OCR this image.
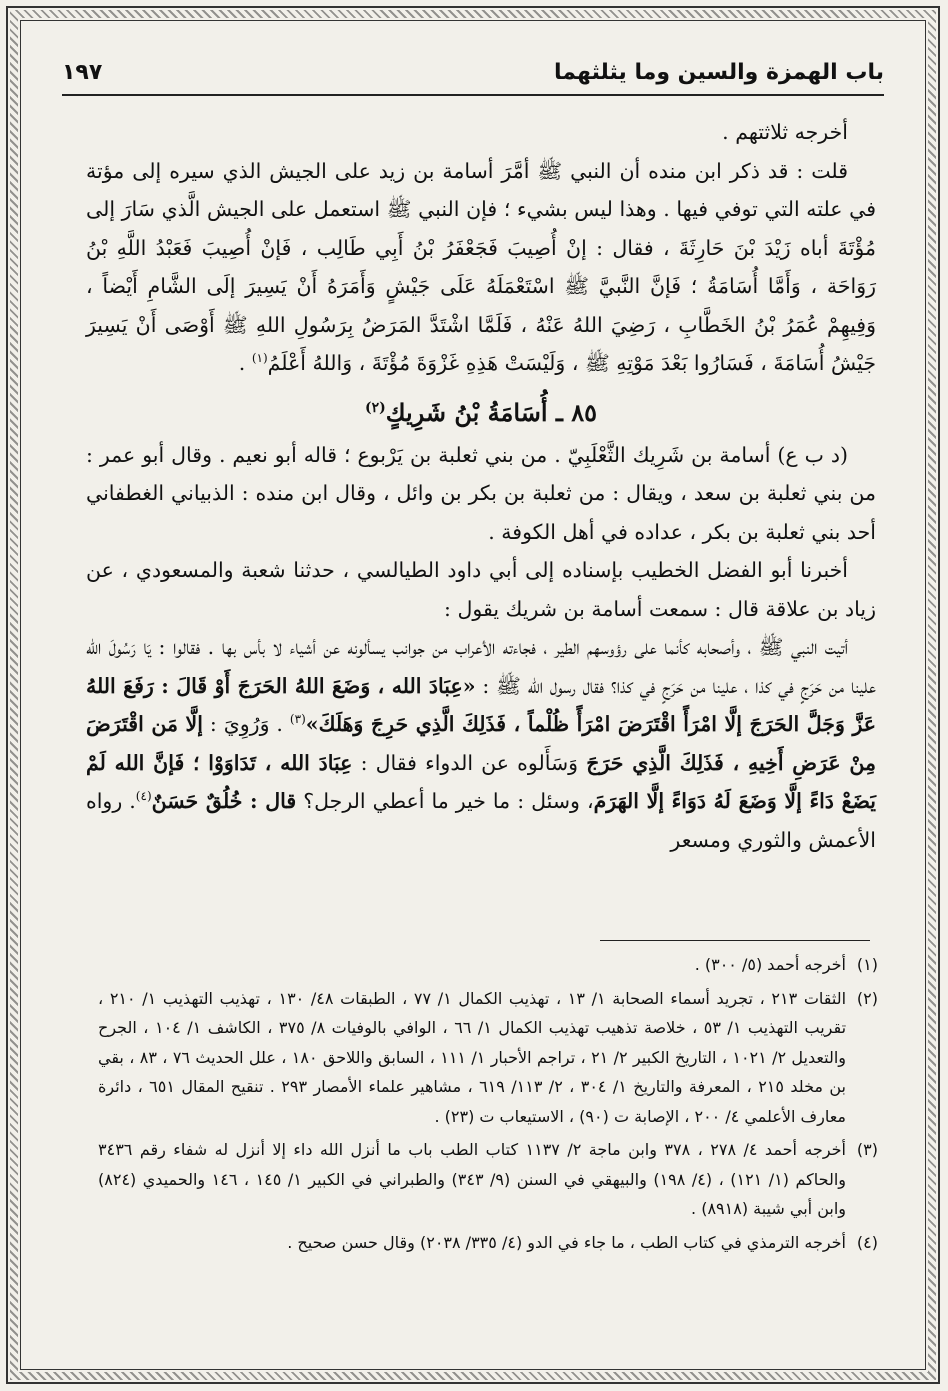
باب الهمزة والسين وما يثلثهما
١٩٧

أخرجه ثلاثتهم .

قلت : قد ذكر ابن منده أن النبي ﷺ أمَّرَ أسامة بن زيد على الجيش الذي سيره إلى مؤتة في علته التي توفي فيها . وهذا ليس بشيء ؛ فإن النبي ﷺ استعمل على الجيش الَّذي سَارَ إلى مُؤْتَةَ أباه زَيْدَ بْنَ حَارِثَةَ ، فقال : إنْ أُصِيبَ فَجَعْفَرُ بْنُ أَبِي طَالِب ، فَإنْ أُصِيبَ فَعَبْدُ اللَّهِ بْنُ رَوَاحَة ، وَأَمَّا أُسَامَةُ ؛ فَإنَّ النَّبيَّ ﷺ اسْتَعْمَلَهُ عَلَى جَيْشٍ وَأَمَرَهُ أَنْ يَسِيرَ إلَى الشَّامِ أَيْضاً ، وَفِيهِمْ عُمَرُ بْنُ الخَطَّابِ ، رَضِيَ اللهُ عَنْهُ ، فَلَمَّا اشْتَدَّ المَرَضُ بِرَسُولِ اللهِ ﷺ أَوْصَى أَنْ يَسِيرَ جَيْشُ أُسَامَةَ ، فَسَارُوا بَعْدَ مَوْتِهِ ﷺ ، وَلَيْسَتْ هَذِهِ غَزْوَةَ مُؤْتَةَ ، وَاللهُ أَعْلَمُ$^{(١)}$ .

٨٥ ـ أُسَامَةُ بْنُ شَرِيكٍ$^{(٢)}$

(د ب ع) أسامة بن شَرِيك الثَّعْلَبِيّ . من بني ثعلبة بن يَرْبوع ؛ قاله أبو نعيم . وقال أبو عمر : من بني ثعلبة بن سعد ، ويقال : من ثعلبة بن بكر بن وائل ، وقال ابن منده : الذبياني الغطفاني أحد بني ثعلبة بن بكر ، عداده في أهل الكوفة .

أخبرنا أبو الفضل الخطيب بإسناده إلى أبي داود الطيالسي ، حدثنا شعبة والمسعودي ، عن زياد بن علاقة قال : سمعت أسامة بن شريك يقول :

أتيت النبي ﷺ ، وأصحابه كأنما على رؤوسهم الطير ، فجاءته الأعراب من جوانب يسألونه عن أشياء لا بأس بها . فقالوا : يَا رَسُولَ الله علينا من حَرَجٍ في كذا ، علينا من حَرَجٍ في كذا؟ فقال رسول الله ﷺ : «عِبَادَ الله ، وَضَعَ اللهُ الحَرَجَ أَوْ قَالَ : رَفَعَ اللهُ عَزَّ وَجَلَّ الحَرَجَ إلَّا امْرَأً اقْتَرَضَ امْرَأً ظُلْماً ، فَذَلِكَ الَّذِي حَرِجَ وَهَلَكَ»$^{(٣)}$ . وَرُوِيَ : إلَّا مَن اقْتَرَضَ مِنْ عَرَضِ أَخِيهِ ، فَذَلِكَ الَّذِي حَرَجَ وَسَأَلوه عن الدواء فقال : عِبَادَ الله ، تَدَاوَوْا ؛ فَإنَّ الله لَمْ يَضَعْ دَاءً إلَّا وَضَعَ لَهُ دَوَاءً إلَّا الهَرَمَ، وسئل : ما خير ما أعطي الرجل؟ قال : خُلُقٌ حَسَنٌ$^{(٤)}$. رواه الأعمش والثوري ومسعر

(١)
أخرجه أحمد (٥/ ٣٠٠) .
(٢)
الثقات ٢١٣ ، تجريد أسماء الصحابة ١/ ١٣ ، تهذيب الكمال ١/ ٧٧ ، الطبقات ٤٨/ ١٣٠ ، تهذيب التهذيب ١/ ٢١٠ ، تقريب التهذيب ١/ ٥٣ ، خلاصة تذهيب تهذيب الكمال ١/ ٦٦ ، الوافي بالوفيات ٨/ ٣٧٥ ، الكاشف ١/ ١٠٤ ، الجرح والتعديل ٢/ ١٠٢١ ، التاريخ الكبير ٢/ ٢١ ، تراجم الأحبار ١/ ١١١ ، السابق واللاحق ١٨٠ ، علل الحديث ٧٦ ، ٨٣ ، بقي بن مخلد ٢١٥ ، المعرفة والتاريخ ١/ ٣٠٤ ، ٢/ ١١٣/ ٦١٩ ، مشاهير علماء الأمصار ٢٩٣ . تنقيح المقال ٦٥١ ، دائرة معارف الأعلمي ٤/ ٢٠٠ ، الإصابة ت (٩٠) ، الاستيعاب ت (٢٣) .
(٣)
أخرجه أحمد ٤/ ٢٧٨ ، ٣٧٨ وابن ماجة ٢/ ١١٣٧ كتاب الطب باب ما أنزل الله داء إلا أنزل له شفاء رقم ٣٤٣٦ والحاكم (١/ ١٢١) ، (٤/ ١٩٨) والبيهقي في السنن (٩/ ٣٤٣) والطبراني في الكبير ١/ ١٤٥ ، ١٤٦ والحميدي (٨٢٤) وابن أبي شيبة (٨٩١٨) .
(٤)
أخرجه الترمذي في كتاب الطب ، ما جاء في الدو (٤/ ٣٣٥/ ٢٠٣٨) وقال حسن صحيح .
